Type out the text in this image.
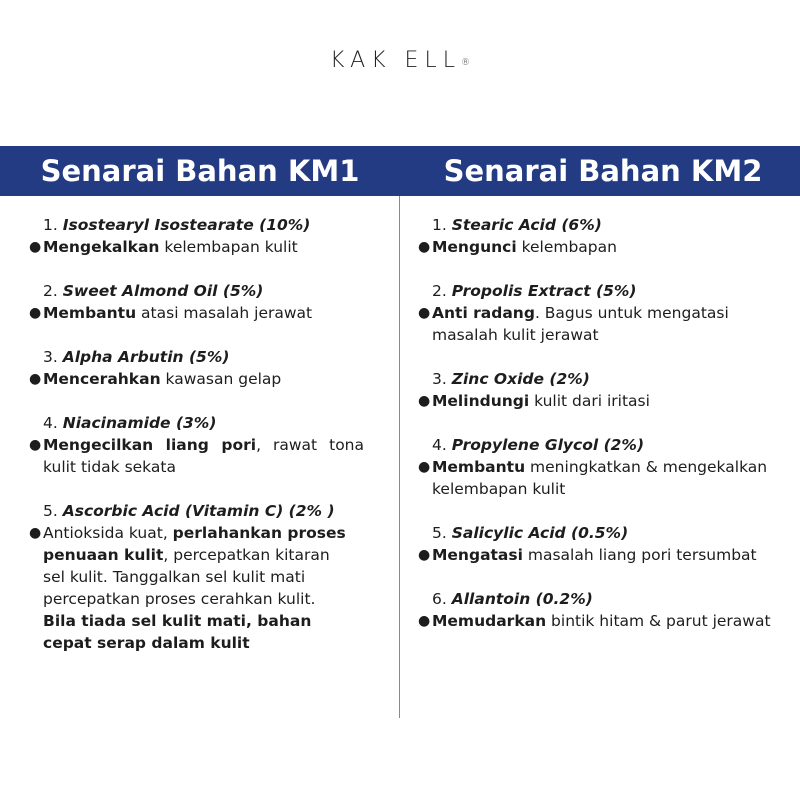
KAK ELL®
Senarai Bahan KM1	Senarai Bahan KM2
1. Isostearyl Isostearate (10%)
● Mengekalkan kelembapan kulit
2. Sweet Almond Oil (5%)
● Membantu atasi masalah jerawat
3. Alpha Arbutin (5%)
● Mencerahkan kawasan gelap
4. Niacinamide (3%)
● Mengecilkan liang pori, rawat tona kulit tidak sekata
5. Ascorbic Acid (Vitamin C) (2% )
● Antioksida kuat, perlahankan proses penuaan kulit, percepatkan kitaran
sel kulit. Tanggalkan sel kulit mati
percepatkan proses cerahkan kulit.
Bila tiada sel kulit mati, bahan cepat serap dalam kulit
1. Stearic Acid (6%)
● Mengunci kelembapan
2. Propolis Extract (5%)
● Anti radang. Bagus untuk mengatasi masalah kulit jerawat
3. Zinc Oxide (2%)
● Melindungi kulit dari iritasi
4. Propylene Glycol (2%)
● Membantu meningkatkan & mengekalkan kelembapan kulit
5. Salicylic Acid (0.5%)
● Mengatasi masalah liang pori tersumbat
6. Allantoin (0.2%)
● Memudarkan bintik hitam & parut jerawat
